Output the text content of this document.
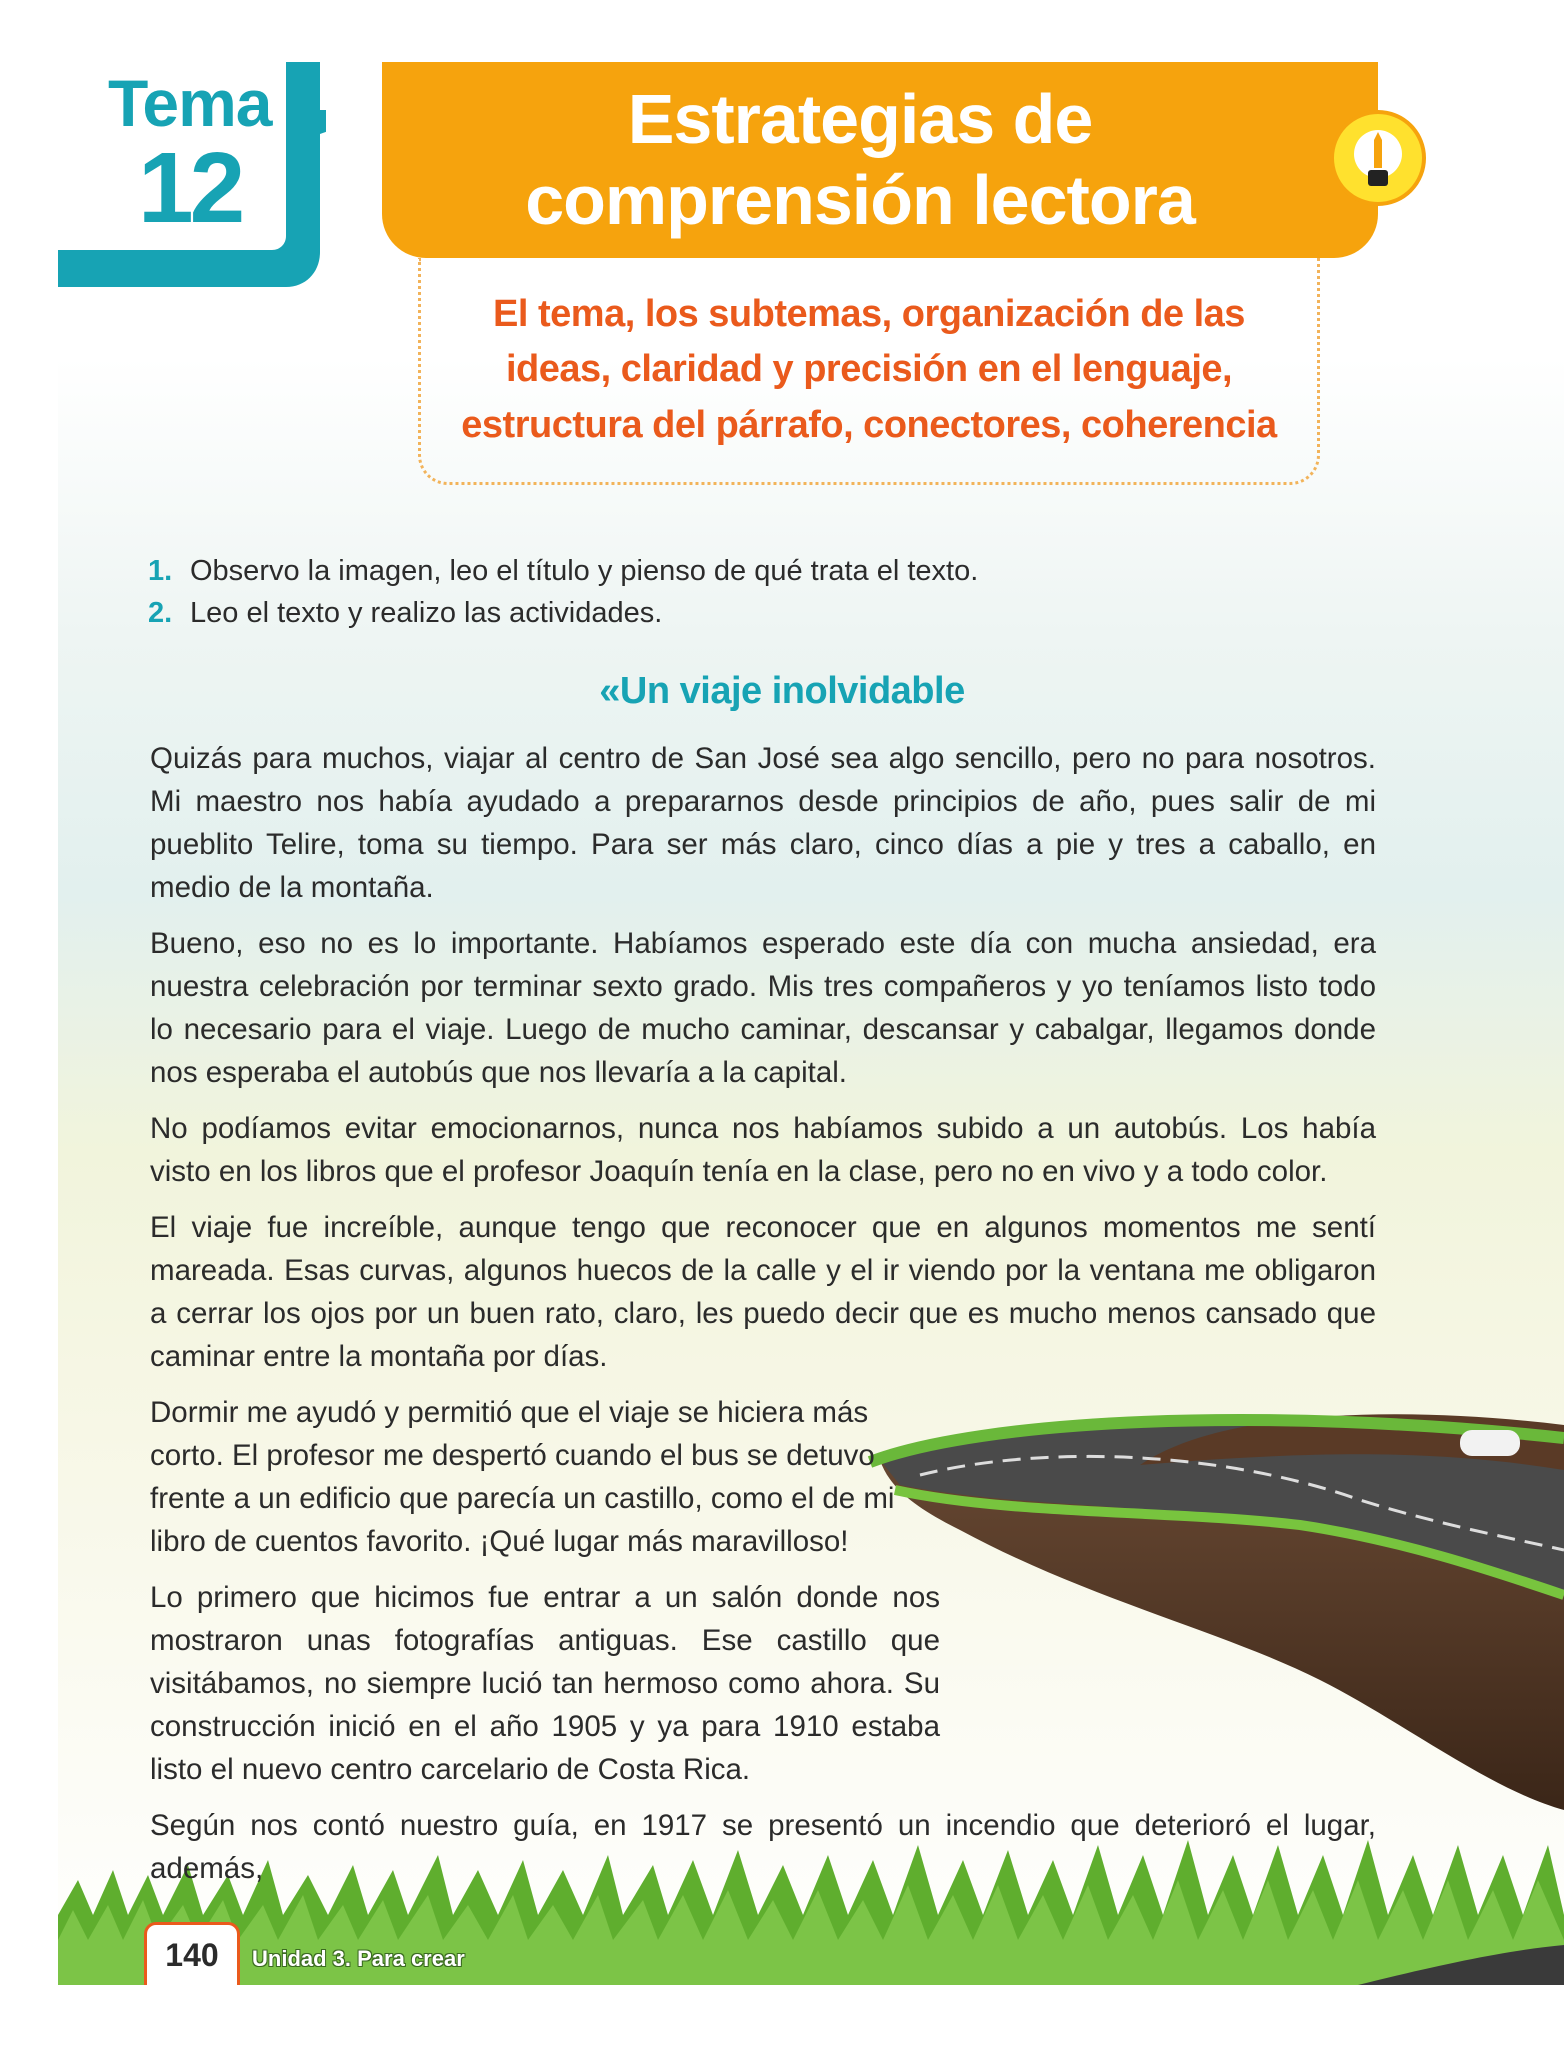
Tema
12
Estrategias de comprensión lectora
El tema, los subtemas, organización de las ideas, claridad y precisión en el lenguaje, estructura del párrafo, conectores, coherencia
1. Observo la imagen, leo el título y pienso de qué trata el texto.
2. Leo el texto y realizo las actividades.
«Un viaje inolvidable

Quizás para muchos, viajar al centro de San José sea algo sencillo, pero no para nosotros. Mi maestro nos había ayudado a prepararnos desde principios de año, pues salir de mi pueblito Telire, toma su tiempo. Para ser más claro, cinco días a pie y tres a caballo, en medio de la montaña.

Bueno, eso no es lo importante. Habíamos esperado este día con mucha ansiedad, era nuestra celebración por terminar sexto grado. Mis tres compañeros y yo teníamos listo todo lo necesario para el viaje. Luego de mucho caminar, descansar y cabalgar, llegamos donde nos esperaba el autobús que nos llevaría a la capital.

No podíamos evitar emocionarnos, nunca nos habíamos subido a un autobús. Los había visto en los libros que el profesor Joaquín tenía en la clase, pero no en vivo y a todo color.

El viaje fue increíble, aunque tengo que reconocer que en algunos momentos me sentí mareada. Esas curvas, algunos huecos de la calle y el ir viendo por la ventana me obligaron a cerrar los ojos por un buen rato, claro, les puedo decir que es mucho menos cansado que caminar entre la montaña por días.

Dormir me ayudó y permitió que el viaje se hiciera más corto. El profesor me despertó cuando el bus se detuvo frente a un edificio que parecía un castillo, como el de mi libro de cuentos favorito. ¡Qué lugar más maravilloso!

Lo primero que hicimos fue entrar a un salón donde nos mostraron unas fotografías antiguas. Ese castillo que visitábamos, no siempre lució tan hermoso como ahora. Su construcción inició en el año 1905 y ya para 1910 estaba listo el nuevo centro carcelario de Costa Rica.

Según nos contó nuestro guía, en 1917 se presentó un incendio que deterioró el lugar, además,

140	Unidad 3. Para crear
